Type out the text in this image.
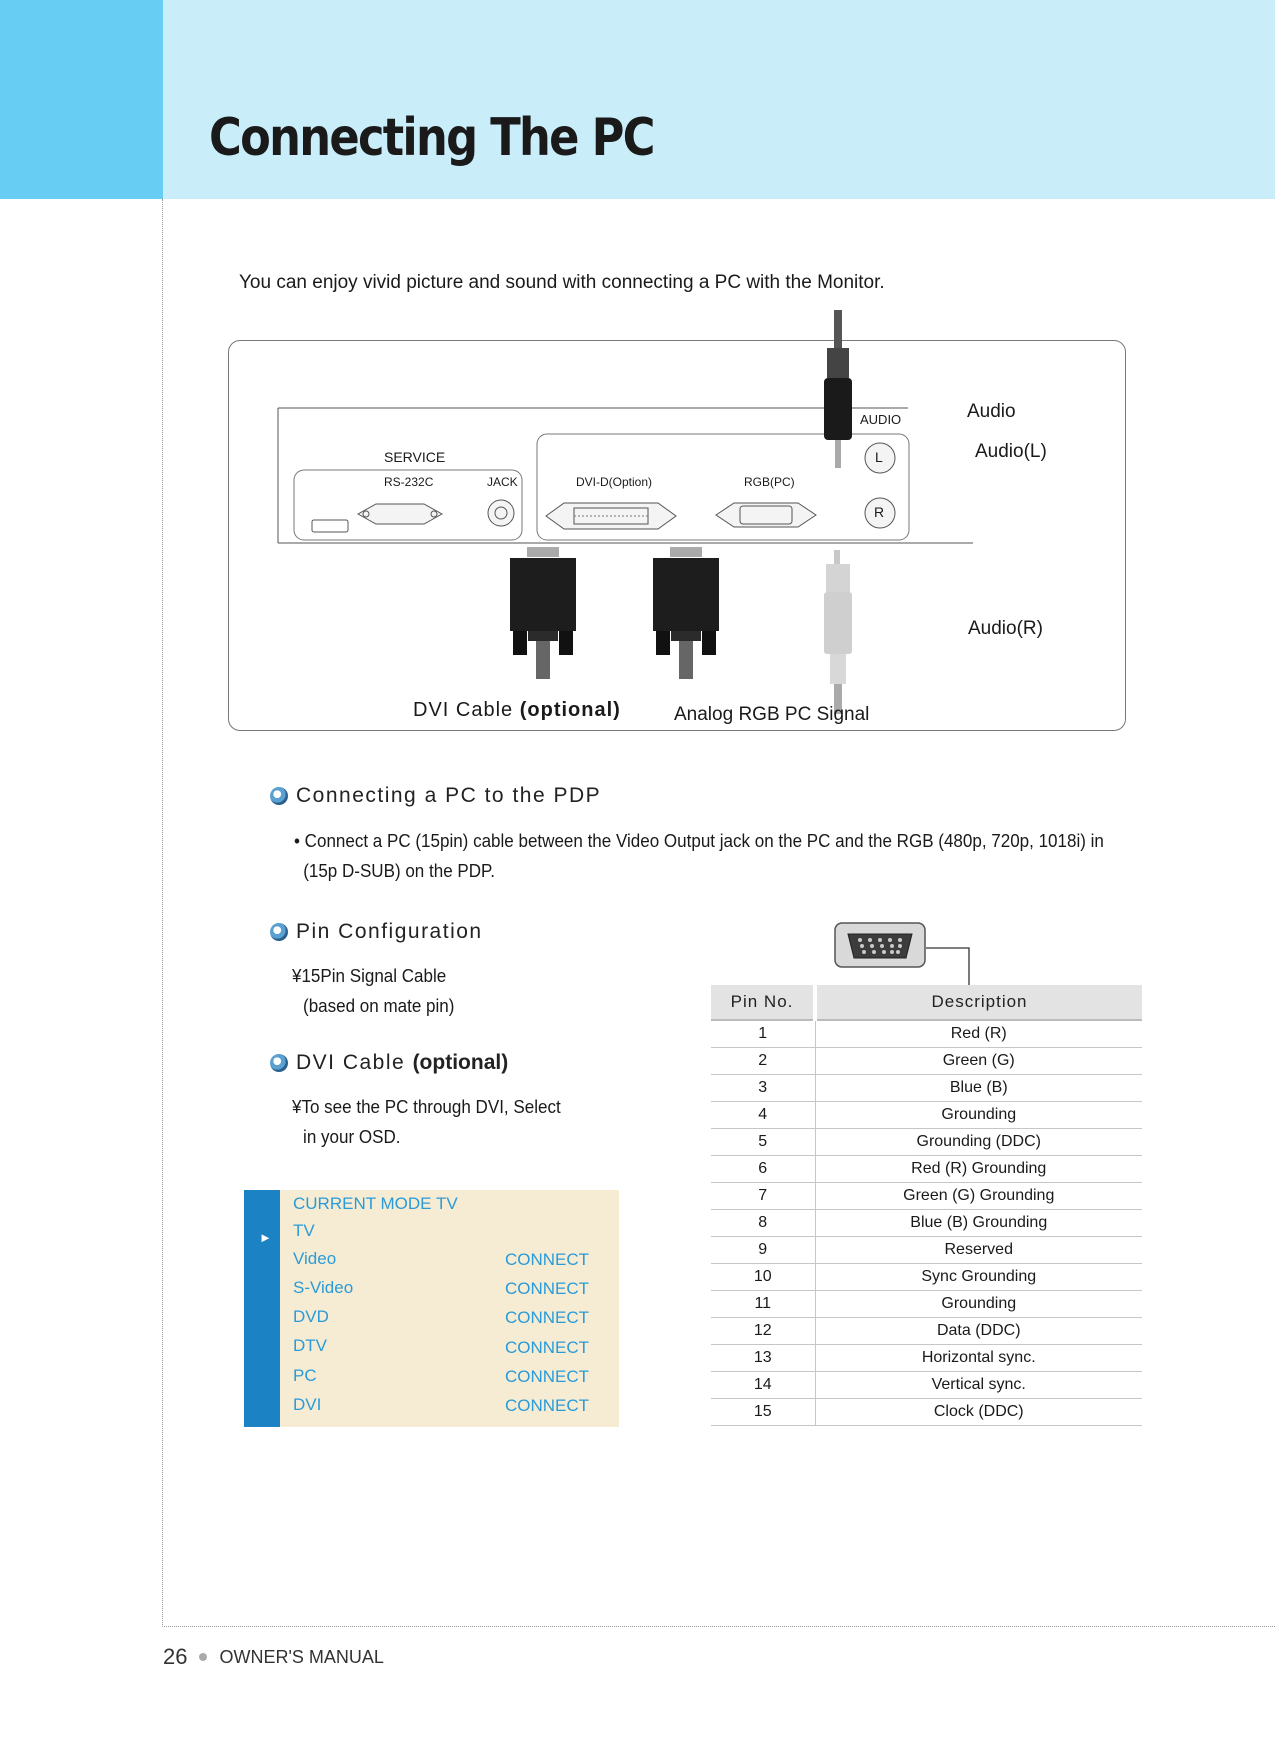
Connecting The PC

You can enjoy vivid picture and sound with connecting a PC with the Monitor.

SERVICE
RS-232C	JACK	DVI-D(Option)	RGB(PC)
AUDIO
L
R
Audio
Audio(L)
Audio(R)
DVI Cable (optional)	Analog RGB PC Signal
Connecting a PC to the PDP
• Connect a PC (15pin) cable between the Video Output jack on the PC and the RGB (480p, 720p, 1018i) in
(15p D-SUB) on the PDP.
Pin Configuration
¥15Pin Signal Cable
(based on mate pin)
DVI Cable
(optional)
¥To see the PC through DVI, Select
in your OSD.
►
CURRENT MODE TV
TV
Video	CONNECT
S-Video	CONNECT
DVD	CONNECT
DTV	CONNECT
PC	CONNECT
DVI	CONNECT
Pin No.	Description
1	Red (R)
2	Green (G)
3	Blue (B)
4	Grounding
5	Grounding (DDC)
6	Red (R) Grounding
7	Green (G) Grounding
8	Blue (B) Grounding
9	Reserved
10	Sync Grounding
11	Grounding
12	Data (DDC)
13	Horizontal sync.
14	Vertical sync.
15	Clock (DDC)
26 OWNER'S MANUAL
